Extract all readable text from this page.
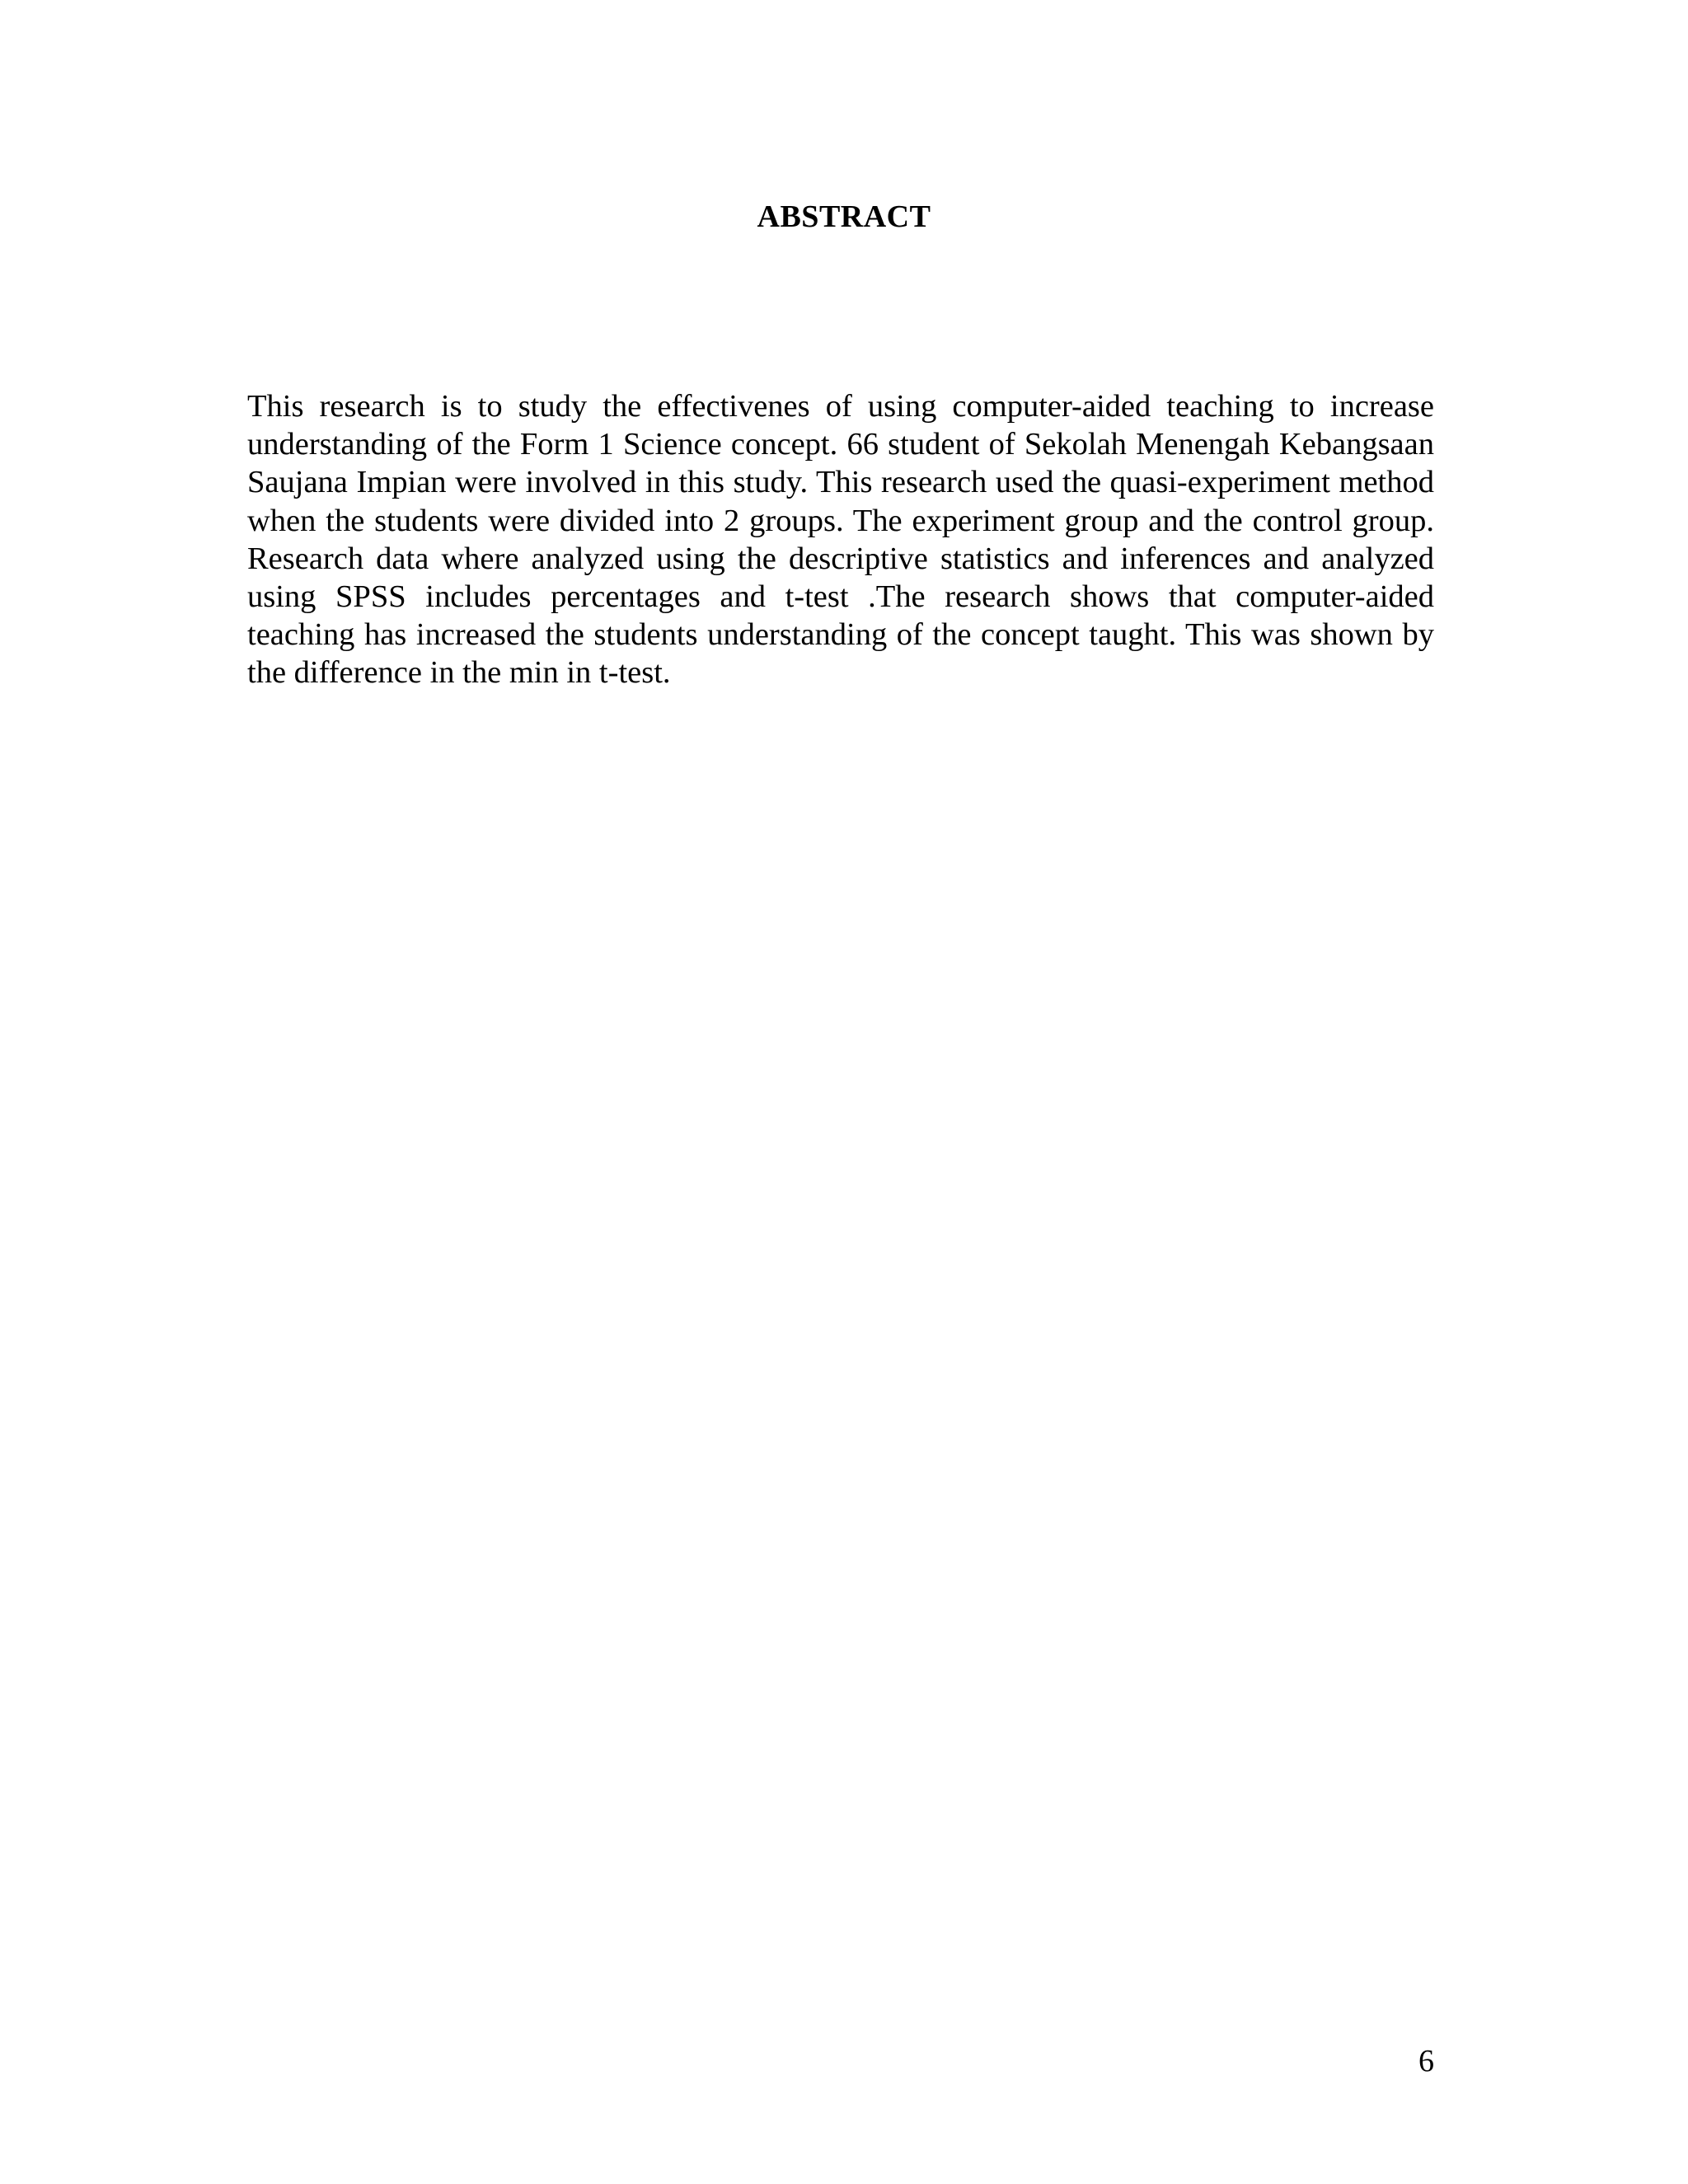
ABSTRACT

This research is to study the effectivenes of using computer-aided teaching to increase understanding of the Form 1 Science concept. 66 student of Sekolah Menengah Kebangsaan Saujana Impian were involved in this study. This research used the quasi-experiment method when the students were divided into 2 groups. The experiment group and the control group. Research data where analyzed using the descriptive statistics and inferences and analyzed using SPSS includes percentages and t-test .The research shows that computer-aided teaching has increased the students understanding of the concept taught. This was shown by the difference in the min in t-test.

6
